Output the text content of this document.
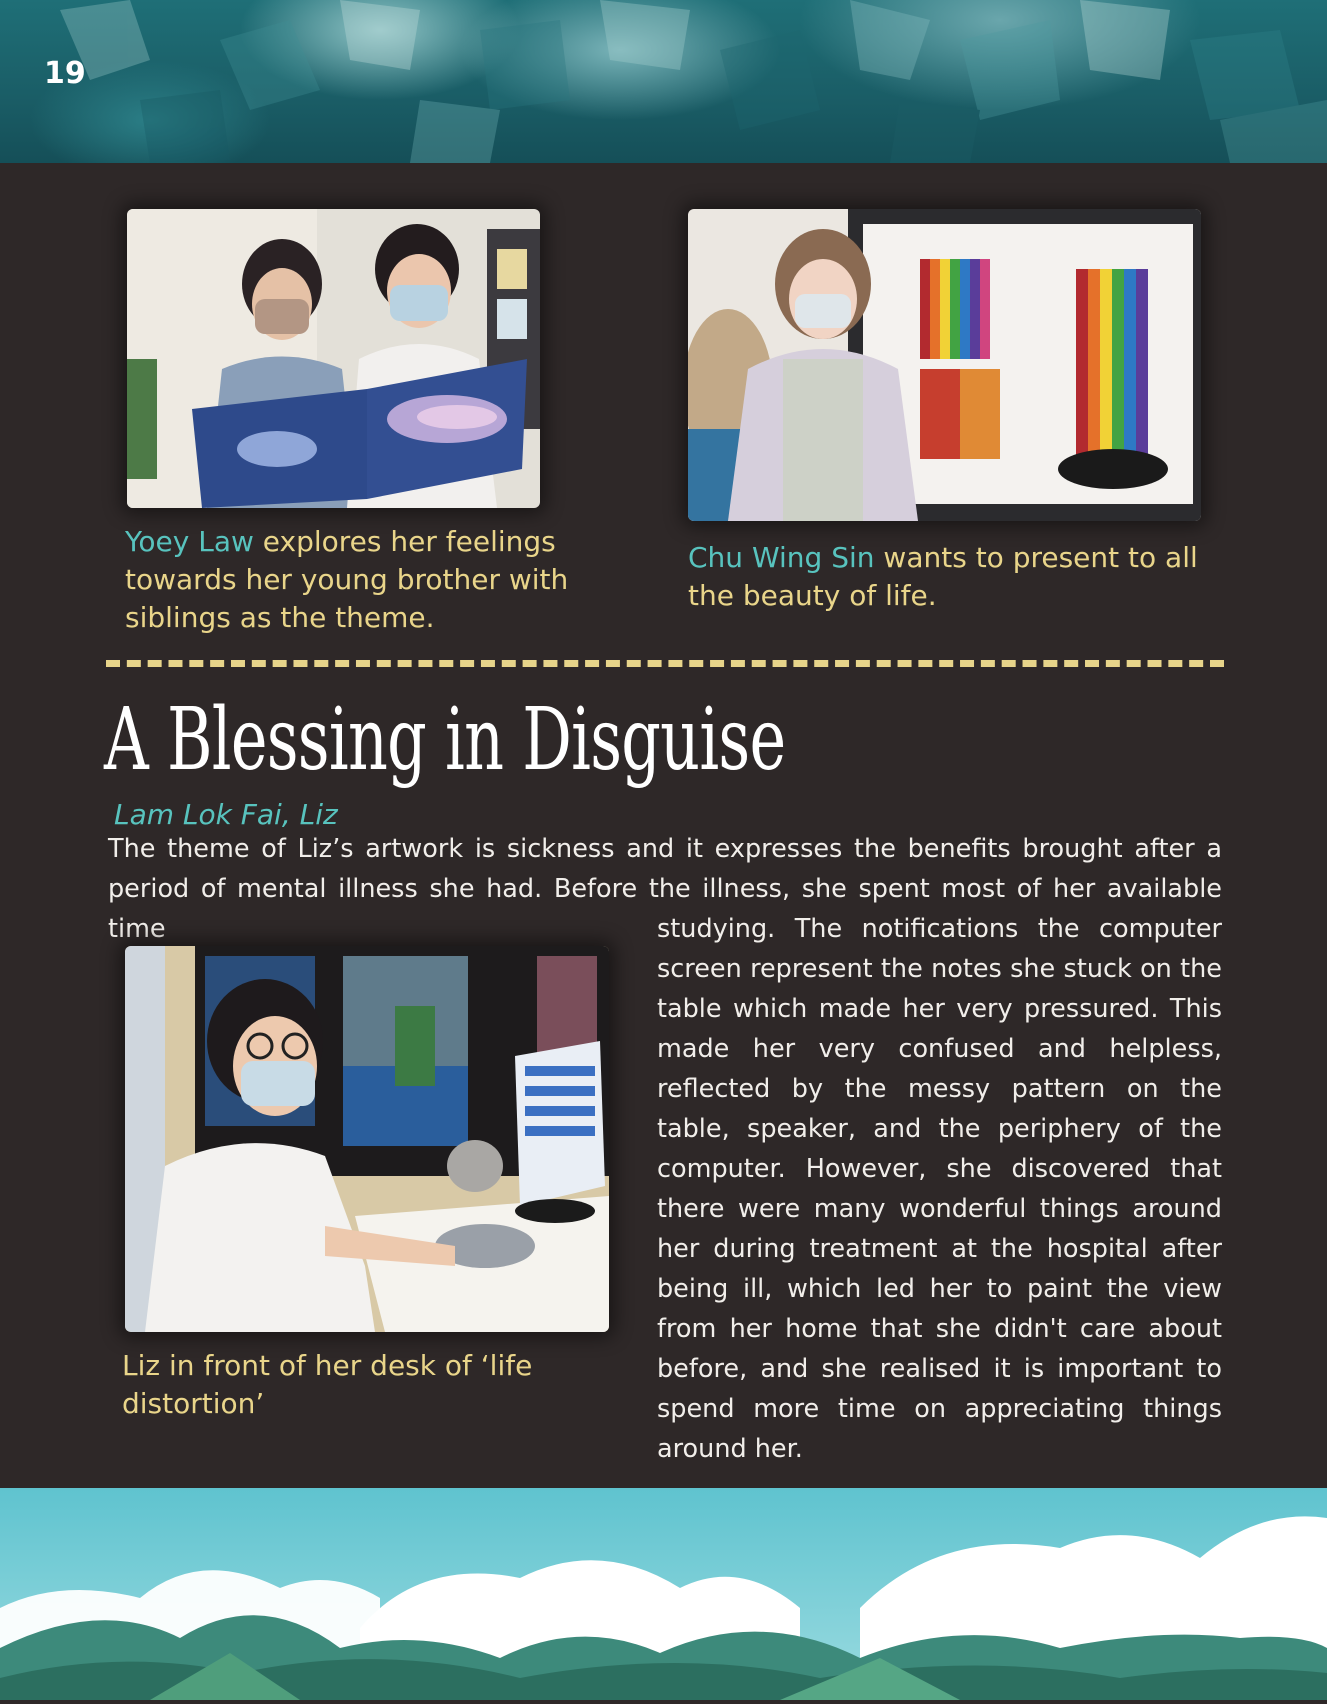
19
Yoey Law explores her feelings towards her young brother with siblings as the theme.
Chu Wing Sin wants to present to all the beauty of life.
A Blessing in Disguise
Lam Lok Fai, Liz
The theme of Liz’s artwork is sickness and it expresses the benefits brought after a period of mental illness she had. Before the illness, she spent most of her available time
Liz in front of her desk of ‘life distortion’
studying. The notifications the computer screen represent the notes she stuck on the table which made her very pressured. This made her very confused and helpless, reflected by the messy pattern on the table, speaker, and the periphery of the computer. However, she discovered that there were many wonderful things around her during treatment at the hospital after being ill, which led her to paint the view from her home that she didn't care about before, and she realised it is important to spend more time on appreciating things around her.
